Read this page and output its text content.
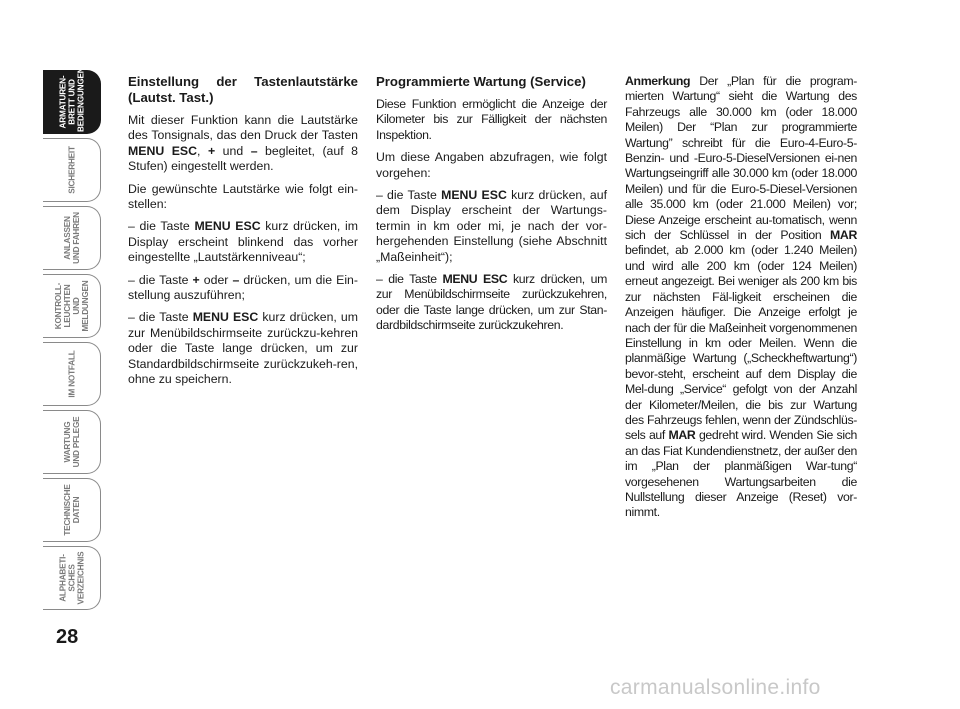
ARMATUREN-
BRETT UND
BEDIENGUNGEN
SICHERHEIT
ANLASSEN
UND FAHREN
KONTROLL-
LEUCHTEN UND
MELDUNGEN
IM NOTFALL
WARTUNG
UND PFLEGE
TECHNISCHE
DATEN
ALPHABETI-
SCHES
VERZEICHNIS
28

Einstellung der Tastenlautstärke (Lautst. Tast.)

Mit dieser Funktion kann die Lautstärke des Tonsignals, das den Druck der Tasten MENU ESC, + und – begleitet, (auf 8 Stufen) eingestellt werden.

Die gewünschte Lautstärke wie folgt ein-stellen:

– die Taste MENU ESC kurz drücken, im Display erscheint blinkend das vorher eingestellte „Lautstärkenniveau“;

– die Taste + oder – drücken, um die Ein-stellung auszuführen;

– die Taste MENU ESC kurz drücken, um zur Menübildschirmseite zurückzu-kehren oder die Taste lange drücken, um zur Standardbildschirmseite zurückzukeh-ren, ohne zu speichern.

Programmierte Wartung (Service)

Diese Funktion ermöglicht die Anzeige der Kilometer bis zur Fälligkeit der nächsten Inspektion.

Um diese Angaben abzufragen, wie folgt vorgehen:

– die Taste MENU ESC kurz drücken, auf dem Display erscheint der Wartungs-termin in km oder mi, je nach der vor-hergehenden Einstellung (siehe Abschnitt „Maßeinheit“);

– die Taste MENU ESC kurz drücken, um zur Menübildschirmseite zurückzukehren, oder die Taste lange drücken, um zur Stan-dardbildschirmseite zurückzukehren.

Anmerkung Der „Plan für die program-mierten Wartung“ sieht die Wartung des Fahrzeugs alle 30.000 km (oder 18.000 Meilen) Der “Plan zur programmierte Wartung” schreibt für die Euro-4-Euro-5-Benzin- und -Euro-5-DieselVersionen ei-nen Wartungseingriff alle 30.000 km (oder 18.000 Meilen) und für die Euro-5-Diesel-Versionen alle 35.000 km (oder 21.000 Meilen) vor; Diese Anzeige erscheint au-tomatisch, wenn sich der Schlüssel in der Position MAR befindet, ab 2.000 km (oder 1.240 Meilen) und wird alle 200 km (oder 124 Meilen) erneut angezeigt. Bei weniger als 200 km bis zur nächsten Fäl-ligkeit erscheinen die Anzeigen häufiger. Die Anzeige erfolgt je nach der für die Maßeinheit vorgenommenen Einstellung in km oder Meilen. Wenn die planmäßige Wartung („Scheckheftwartung“) bevor-steht, erscheint auf dem Display die Mel-dung „Service“ gefolgt von der Anzahl der Kilometer/Meilen, die bis zur Wartung des Fahrzeugs fehlen, wenn der Zündschlüs-sels auf MAR gedreht wird. Wenden Sie sich an das Fiat Kundendienstnetz, der außer den im „Plan der planmäßigen War-tung“ vorgesehenen Wartungsarbeiten die Nullstellung dieser Anzeige (Reset) vor-nimmt.

carmanualsonline.info
